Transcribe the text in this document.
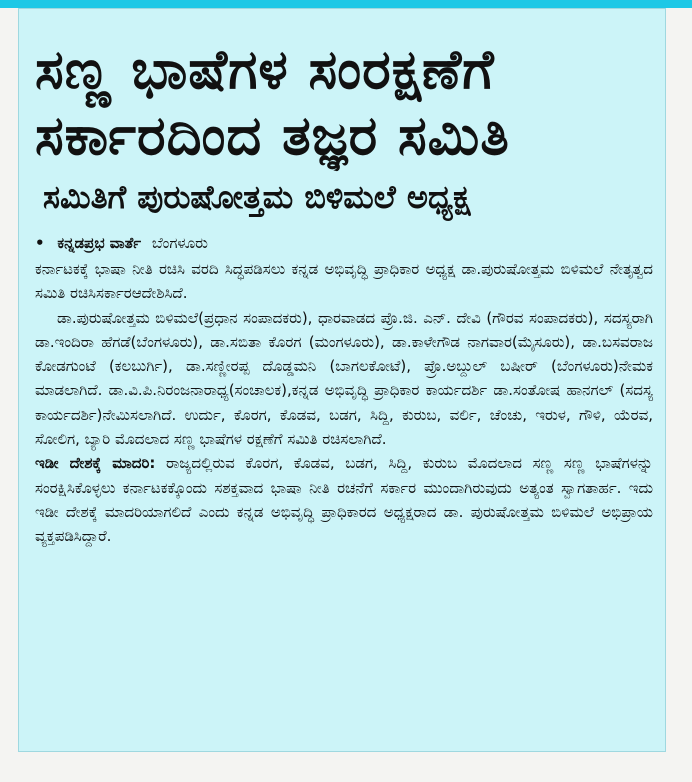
ಸಣ್ಣ ಭಾಷೆಗಳ ಸಂರಕ್ಷಣೆಗೆ
ಸರ್ಕಾರದಿಂದ ತಜ್ಞರ ಸಮಿತಿ
ಸಮಿತಿಗೆ ಪುರುಷೋತ್ತಮ ಬಿಳಿಮಲೆ ಅಧ್ಯಕ್ಷ
• ಕನ್ನಡಪ್ರಭ ವಾರ್ತೆ ಬೆಂಗಳೂರು

ಕರ್ನಾಟಕಕ್ಕೆ ಭಾಷಾ ನೀತಿ ರಚಿಸಿ ವರದಿ ಸಿದ್ಧಪಡಿಸಲು ಕನ್ನಡ ಅಭಿವೃದ್ಧಿ ಪ್ರಾಧಿಕಾರ ಅಧ್ಯಕ್ಷ ಡಾ.ಪುರುಷೋತ್ತಮ ಬಿಳಿಮಲೆ ನೇತೃತ್ವದ ಸಮಿತಿ ರಚಿಸಿಸರ್ಕಾರಆದೇಶಿಸಿದೆ.

ಡಾ.ಪುರುಷೋತ್ತಮ ಬಿಳಿಮಲೆ(ಪ್ರಧಾನ ಸಂಪಾದಕರು), ಧಾರವಾಡದ ಪ್ರೊ.ಜಿ. ಎನ್. ದೇವಿ (ಗೌರವ ಸಂಪಾದಕರು), ಸದಸ್ಯರಾಗಿ ಡಾ.ಇಂದಿರಾ ಹೆಗಡೆ(ಬೆಂಗಳೂರು), ಡಾ.ಸಬಿತಾ ಕೊರಗ (ಮಂಗಳೂರು), ಡಾ.ಕಾಳೇಗೌಡ ನಾಗವಾರ(ಮೈಸೂರು), ಡಾ.ಬಸವರಾಜ ಕೋಡಗುಂಟೆ (ಕಲಬುರ್ಗಿ), ಡಾ.ಸಣ್ಣೀರಪ್ಪ ದೊಡ್ಡಮನಿ (ಬಾಗಲಕೋಟೆ), ಪ್ರೊ.ಅಬ್ದುಲ್ ಬಷೀರ್ (ಬೆಂಗಳೂರು)ನೇಮಕ ಮಾಡಲಾಗಿದೆ. ಡಾ.ವಿ.ಪಿ.ನಿರಂಜನಾರಾಧ್ಯ(ಸಂಚಾಲಕ),ಕನ್ನಡ ಅಭಿವೃದ್ಧಿ ಪ್ರಾಧಿಕಾರ ಕಾರ್ಯದರ್ಶಿ ಡಾ.ಸಂತೋಷ ಹಾನಗಲ್ (ಸದಸ್ಯ ಕಾರ್ಯದರ್ಶಿ)ನೇಮಿಸಲಾಗಿದೆ. ಉರ್ದು, ಕೊರಗ, ಕೊಡವ, ಬಡಗ, ಸಿದ್ದಿ, ಕುರುಬ, ವರ್ಲಿ, ಚೆಂಚು, ಇರುಳ, ಗೌಳಿ, ಯೆರವ, ಸೋಲಿಗ, ಬ್ಯಾರಿ ಮೊದಲಾದ ಸಣ್ಣ ಭಾಷೆಗಳ ರಕ್ಷಣೆಗೆ ಸಮಿತಿ ರಚಿಸಲಾಗಿದೆ.

ಇಡೀ ದೇಶಕ್ಕೆ ಮಾದರಿ: ರಾಜ್ಯದಲ್ಲಿರುವ ಕೊರಗ, ಕೊಡವ, ಬಡಗ, ಸಿದ್ದಿ, ಕುರುಬ ಮೊದಲಾದ ಸಣ್ಣ ಸಣ್ಣ ಭಾಷೆಗಳನ್ನು ಸಂರಕ್ಷಿಸಿಕೊಳ್ಳಲು ಕರ್ನಾಟಕಕ್ಕೊಂದು ಸಶಕ್ತವಾದ ಭಾಷಾ ನೀತಿ ರಚನೆಗೆ ಸರ್ಕಾರ ಮುಂದಾಗಿರುವುದು ಅತ್ಯಂತ ಸ್ವಾಗತಾರ್ಹ. ಇದು ಇಡೀ ದೇಶಕ್ಕೆ ಮಾದರಿಯಾಗಲಿದೆ ಎಂದು ಕನ್ನಡ ಅಭಿವೃದ್ಧಿ ಪ್ರಾಧಿಕಾರದ ಅಧ್ಯಕ್ಷರಾದ ಡಾ. ಪುರುಷೋತ್ತಮ ಬಿಳಿಮಲೆ ಅಭಿಪ್ರಾಯ ವ್ಯಕ್ತಪಡಿಸಿದ್ದಾರೆ.
